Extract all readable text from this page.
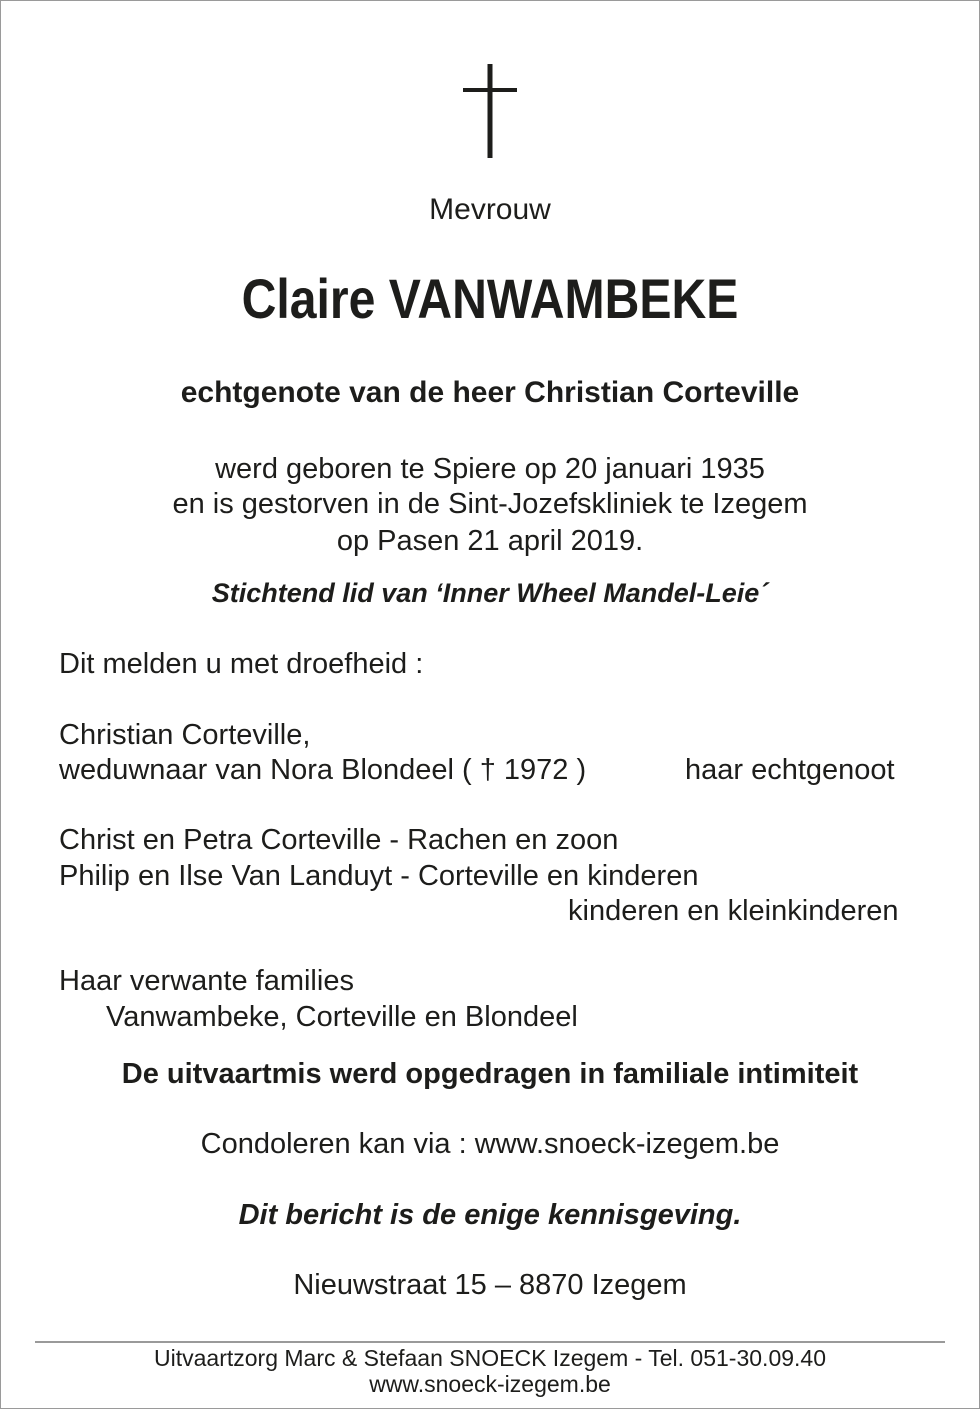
Mevrouw
Claire VANWAMBEKE
echtgenote van de heer Christian Corteville
werd geboren te Spiere op 20 januari 1935
en is gestorven in de Sint-Jozefskliniek te Izegem
op Pasen 21 april 2019.
Stichtend lid van ‘Inner Wheel Mandel-Leie´
Dit melden u met droefheid :
Christian Corteville,
weduwnaar van Nora Blondeel ( † 1972 )	haar echtgenoot
Christ en Petra Corteville - Rachen en zoon
Philip en Ilse Van Landuyt - Corteville en kinderen
kinderen en kleinkinderen
Haar verwante families
Vanwambeke, Corteville en Blondeel
De uitvaartmis werd opgedragen in familiale intimiteit
Condoleren kan via : www.snoeck-izegem.be
Dit bericht is de enige kennisgeving.
Nieuwstraat 15 – 8870 Izegem
Uitvaartzorg Marc & Stefaan SNOECK Izegem - Tel. 051-30.09.40
www.snoeck-izegem.be
